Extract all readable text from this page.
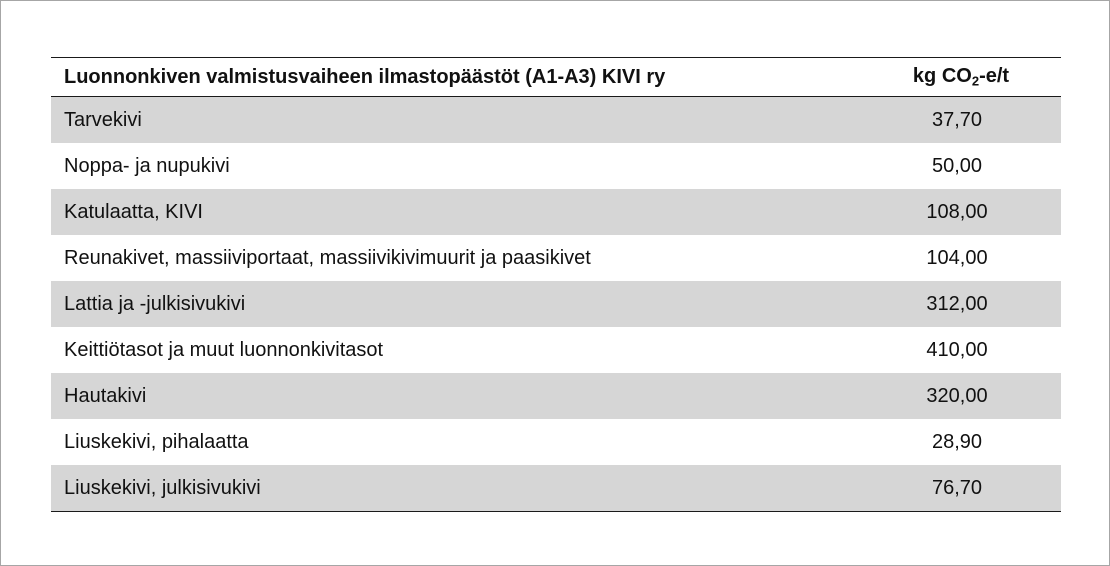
Luonnonkiven valmistusvaiheen ilmastopäästöt (A1-A3) KIVI ry	kg $CO_2-e/t$
Tarvekivi	37,70
Noppa- ja nupukivi	50,00
Katulaatta, KIVI	108,00
Reunakivet, massiiviportaat, massiivikivimuurit ja paasikivet	104,00
Lattia ja -julkisivukivi	312,00
Keittiötasot ja muut luonnonkivitasot	410,00
Hautakivi	320,00
Liuskekivi, pihalaatta	28,90
Liuskekivi, julkisivukivi	76,70
